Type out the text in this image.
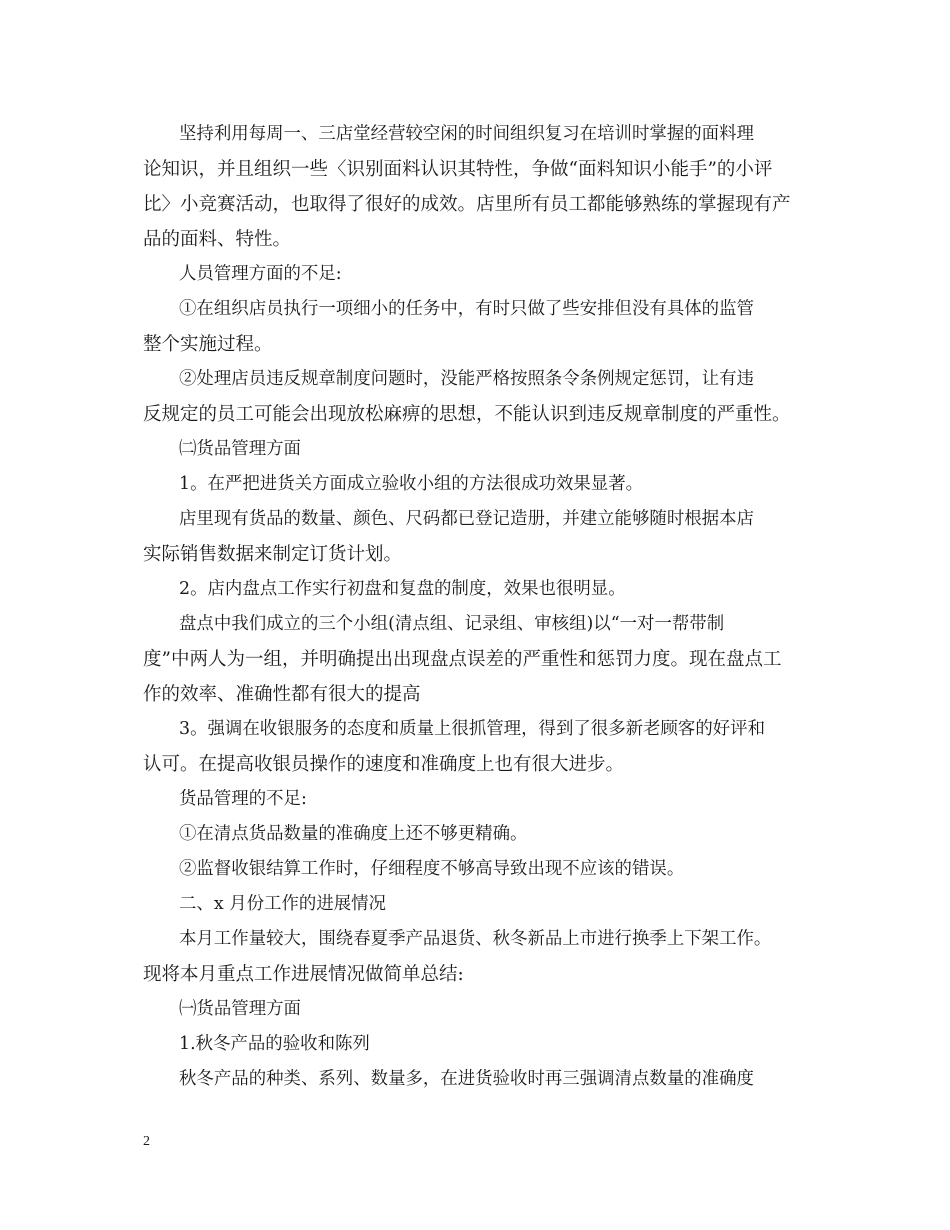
坚持利用每周一、三店堂经营较空闲的时间组织复习在培训时掌握的面料理
论知识，并且组织一些〈识别面料认识其特性，争做“面料知识小能手”的小评
比〉小竞赛活动，也取得了很好的成效。店里所有员工都能够熟练的掌握现有产
品的面料、特性。
人员管理方面的不足:
①在组织店员执行一项细小的任务中，有时只做了些安排但没有具体的监管
整个实施过程。
②处理店员违反规章制度问题时，没能严格按照条令条例规定惩罚，让有违
反规定的员工可能会出现放松麻痹的思想，不能认识到违反规章制度的严重性。
㈡货品管理方面
1。在严把进货关方面成立验收小组的方法很成功效果显著。
店里现有货品的数量、颜色、尺码都已登记造册，并建立能够随时根据本店
实际销售数据来制定订货计划。
2。店内盘点工作实行初盘和复盘的制度，效果也很明显。
盘点中我们成立的三个小组(清点组、记录组、审核组)以“一对一帮带制
度”中两人为一组，并明确提出出现盘点误差的严重性和惩罚力度。现在盘点工
作的效率、准确性都有很大的提高
3。强调在收银服务的态度和质量上很抓管理，得到了很多新老顾客的好评和
认可。在提高收银员操作的速度和准确度上也有很大进步。
货品管理的不足:
①在清点货品数量的准确度上还不够更精确。
②监督收银结算工作时，仔细程度不够高导致出现不应该的错误。
二、x 月份工作的进展情况
本月工作量较大，围绕春夏季产品退货、秋冬新品上市进行换季上下架工作。
现将本月重点工作进展情况做简单总结:
㈠货品管理方面
1.秋冬产品的验收和陈列
秋冬产品的种类、系列、数量多，在进货验收时再三强调清点数量的准确度
2
